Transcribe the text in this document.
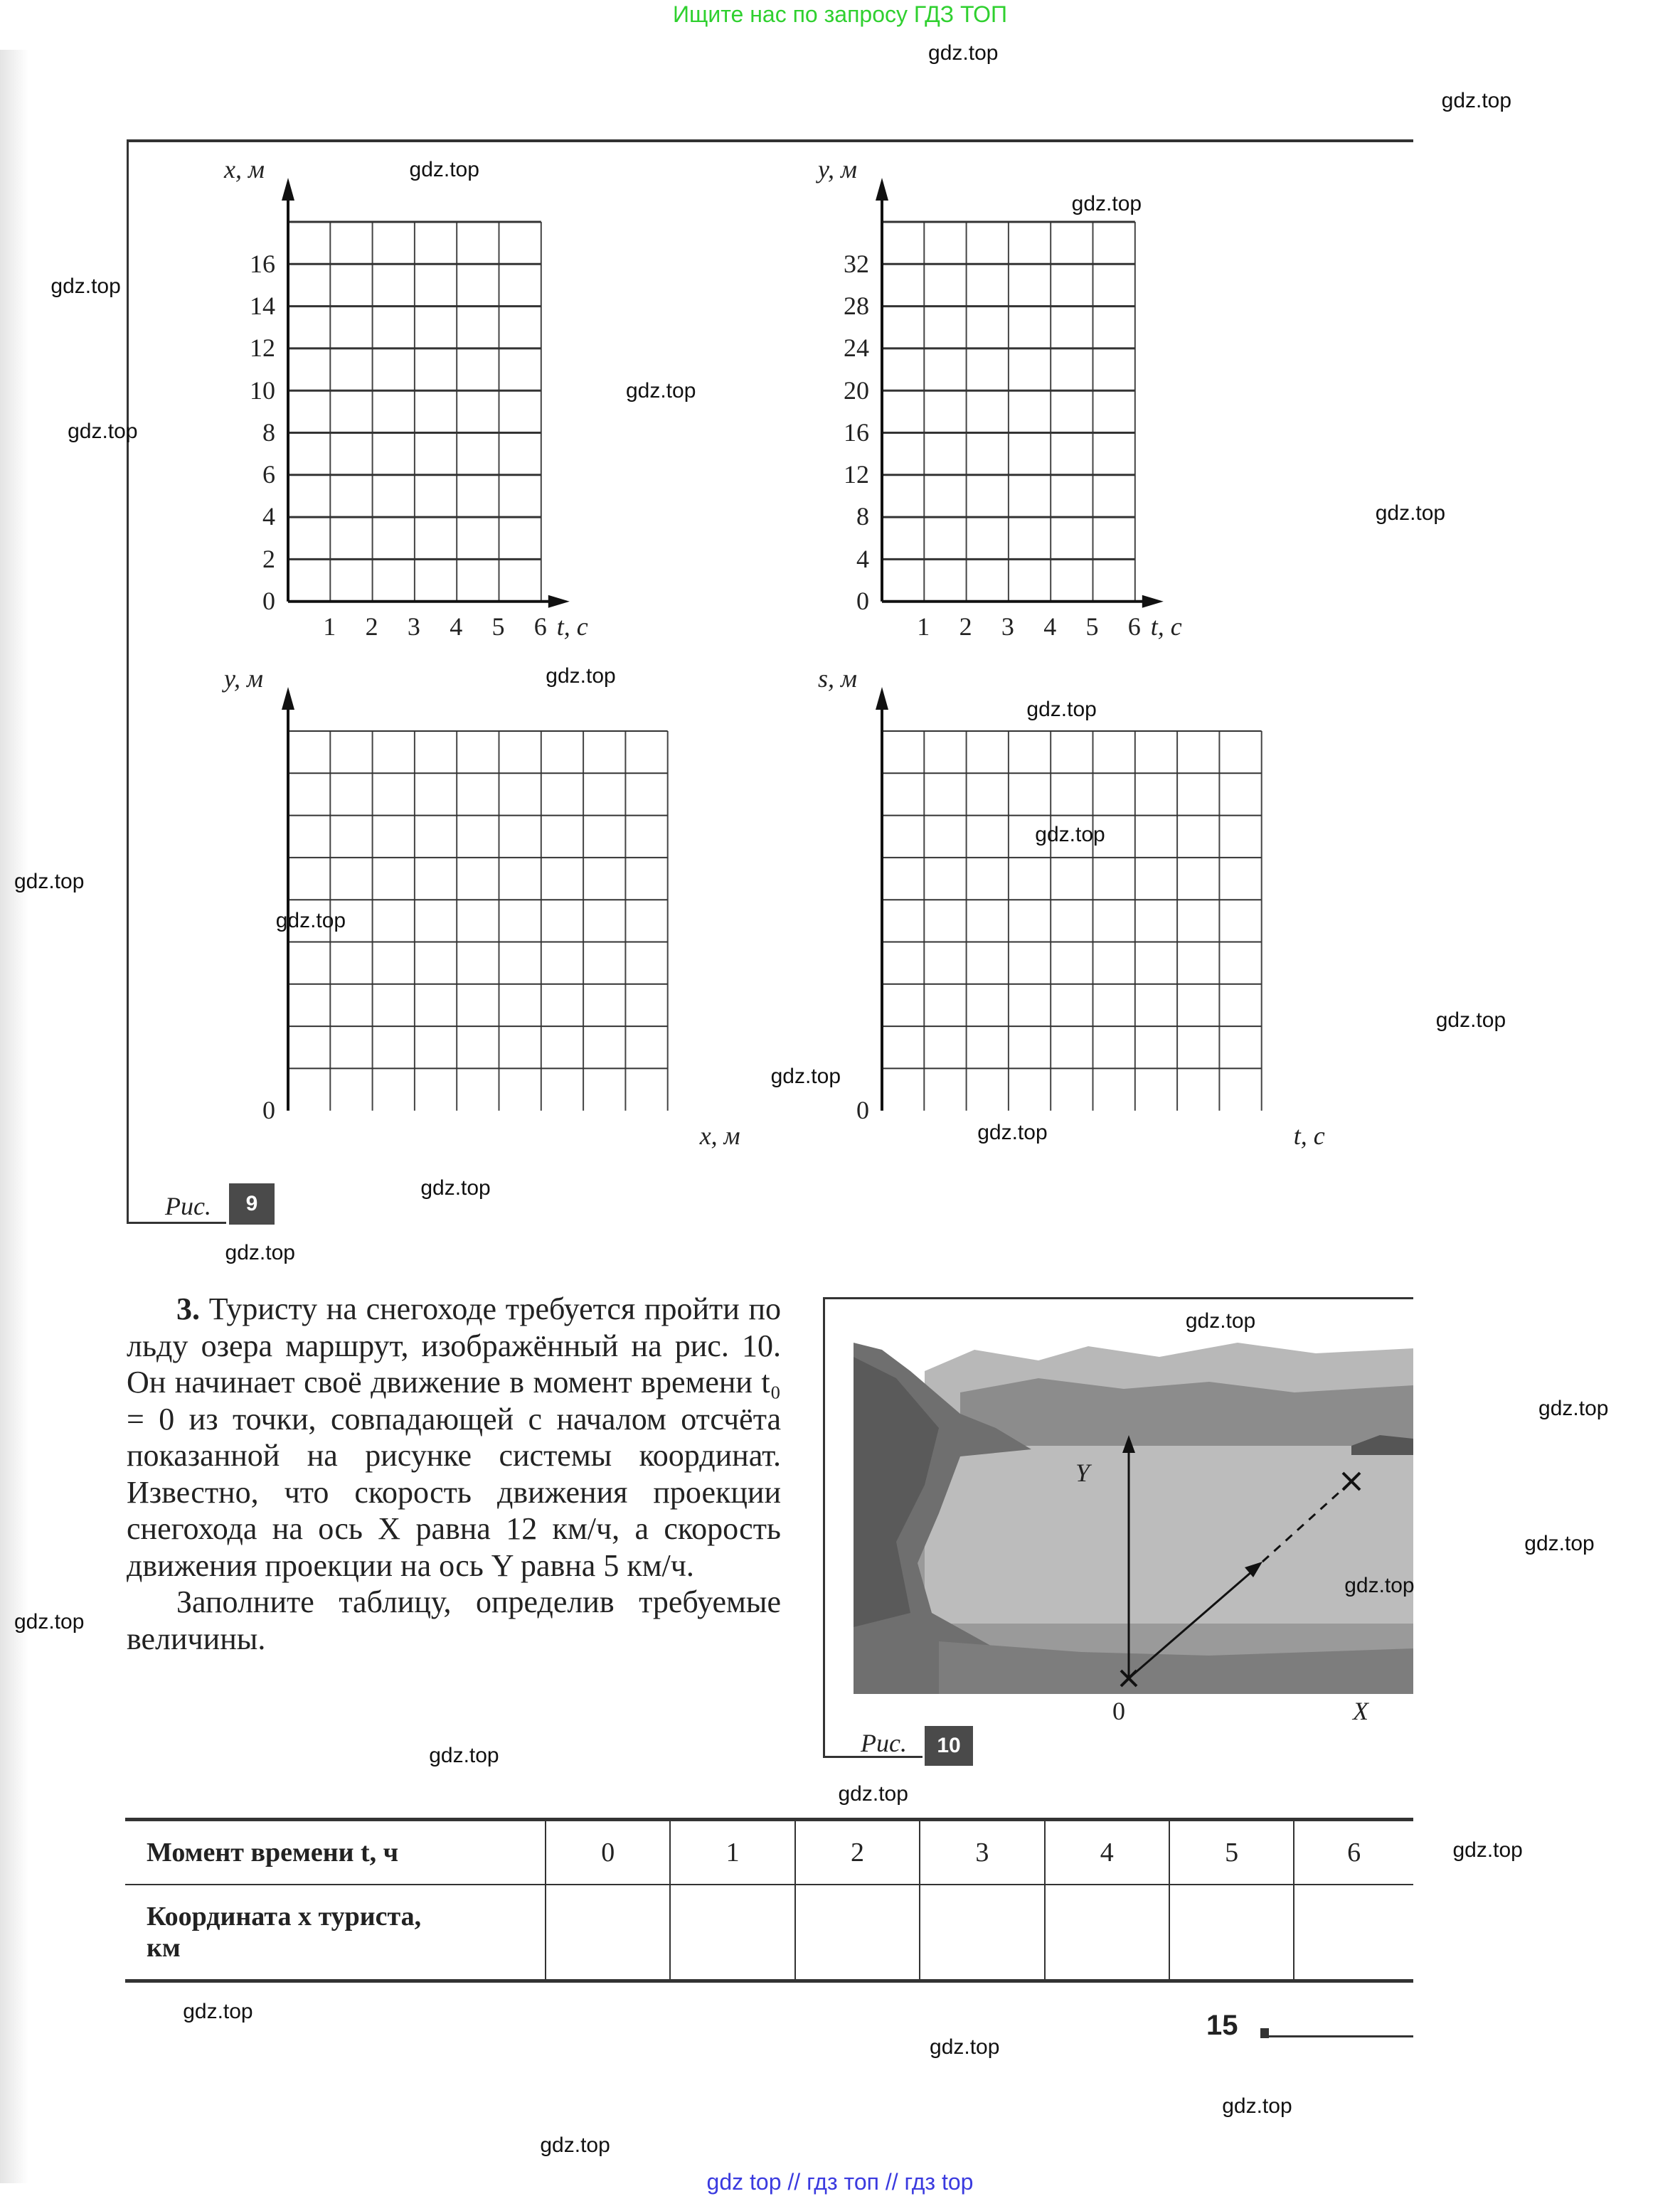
Ищите нас по запросу ГДЗ ТОП
gdz top // гдз топ // гдз top
Рис.	9
x, м
0
2
4
6
8
10
12
14
16
1 2 3 4 5 6 t, с
y, м
0
4
8
12
16
20
24
28
32
1 2 3 4 5 6 t, с
y, м
0
x, м
s, м
0
t, с

3. Туристу на снегоходе требуется пройти по льду озера маршрут, изображённый на рис. 10. Он начинает своё движение в момент времени t₀ = 0 из точки, совпадающей с началом отсчёта показанной на рисунке системы координат. Известно, что скорость движения проекции снегохода на ось X равна 12 км/ч, а скорость движения проекции на ось Y равна 5 км/ч.

Заполните таблицу, определив требуемые величины.

Y
0	X
Рис.	10
Момент времени t, ч	0	1	2	3	4	5	6
Координата x туриста, км							
15
gdz.top
gdz.top
gdz.top
gdz.top
gdz.top
gdz.top
gdz.top
gdz.top
gdz.top
gdz.top
gdz.top
gdz.top
gdz.top
gdz.top
gdz.top
gdz.top
gdz.top
gdz.top
gdz.top
gdz.top
gdz.top
gdz.top
gdz.top
gdz.top
gdz.top
gdz.top
gdz.top
gdz.top
gdz.top
gdz.top
